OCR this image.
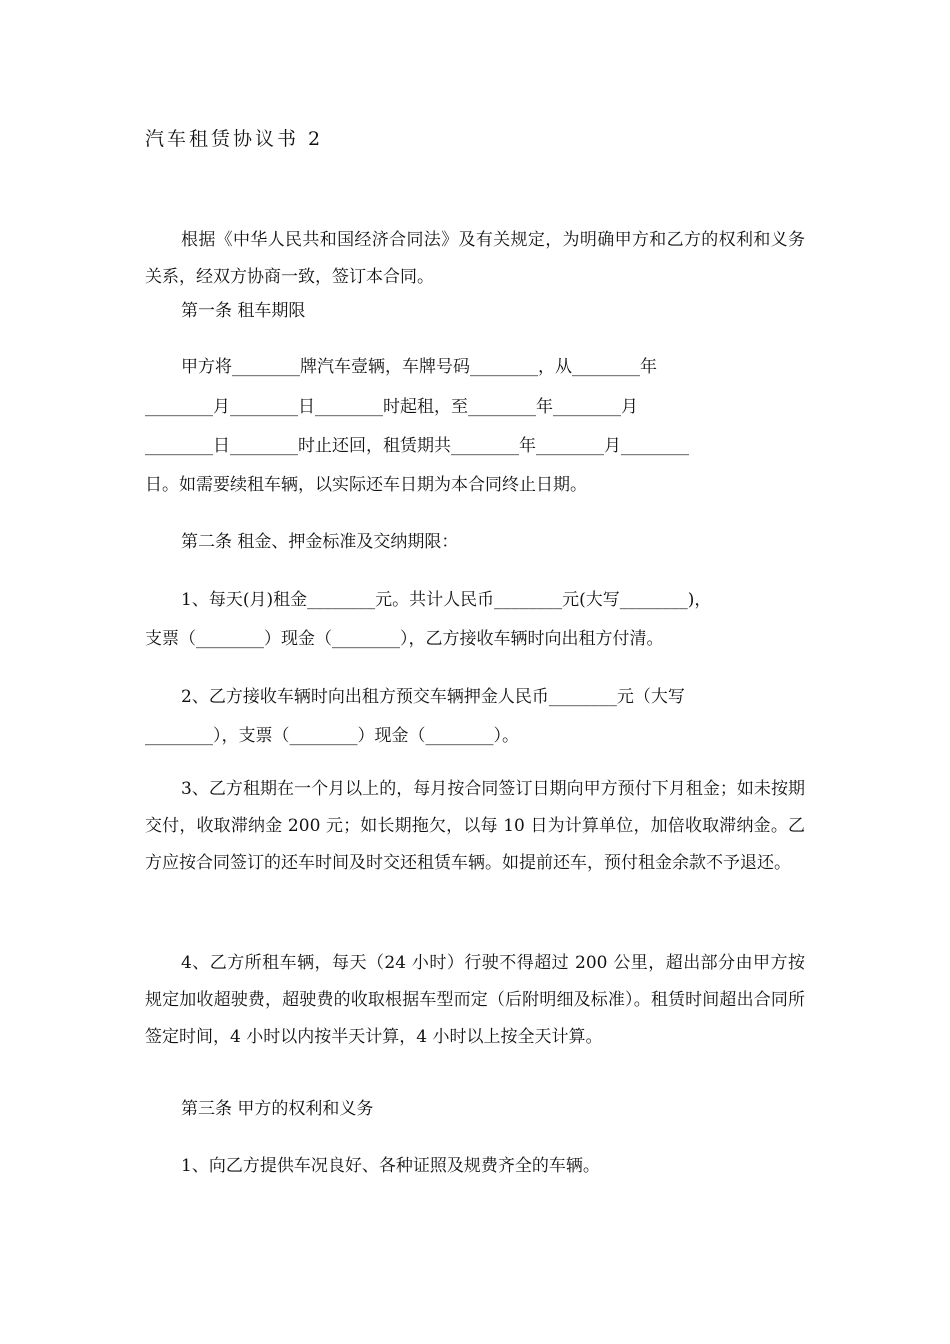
汽车租赁协议书 2

根据《中华人民共和国经济合同法》及有关规定，为明确甲方和乙方的权利和义务关系，经双方协商一致，签订本合同。

第一条 租车期限
甲方将________牌汽车壹辆，车牌号码________，从________年
________月________日________时起租，至________年________月
________日________时止还回，租赁期共________年________月________
日。如需要续租车辆，以实际还车日期为本合同终止日期。
第二条 租金、押金标准及交纳期限：
1、每天(月)租金________元。共计人民币________元(大写________)，
支票（________）现金（________），乙方接收车辆时向出租方付清。
2、乙方接收车辆时向出租方预交车辆押金人民币________元（大写
________），支票（________）现金（________）。

3、乙方租期在一个月以上的，每月按合同签订日期向甲方预付下月租金；如未按期交付，收取滞纳金 200 元；如长期拖欠，以每 10 日为计算单位，加倍收取滞纳金。乙方应按合同签订的还车时间及时交还租赁车辆。如提前还车，预付租金余款不予退还。

4、乙方所租车辆，每天（24 小时）行驶不得超过 200 公里，超出部分由甲方按规定加收超驶费，超驶费的收取根据车型而定（后附明细及标准）。租赁时间超出合同所签定时间，4 小时以内按半天计算，4 小时以上按全天计算。

第三条 甲方的权利和义务
1、向乙方提供车况良好、各种证照及规费齐全的车辆。
